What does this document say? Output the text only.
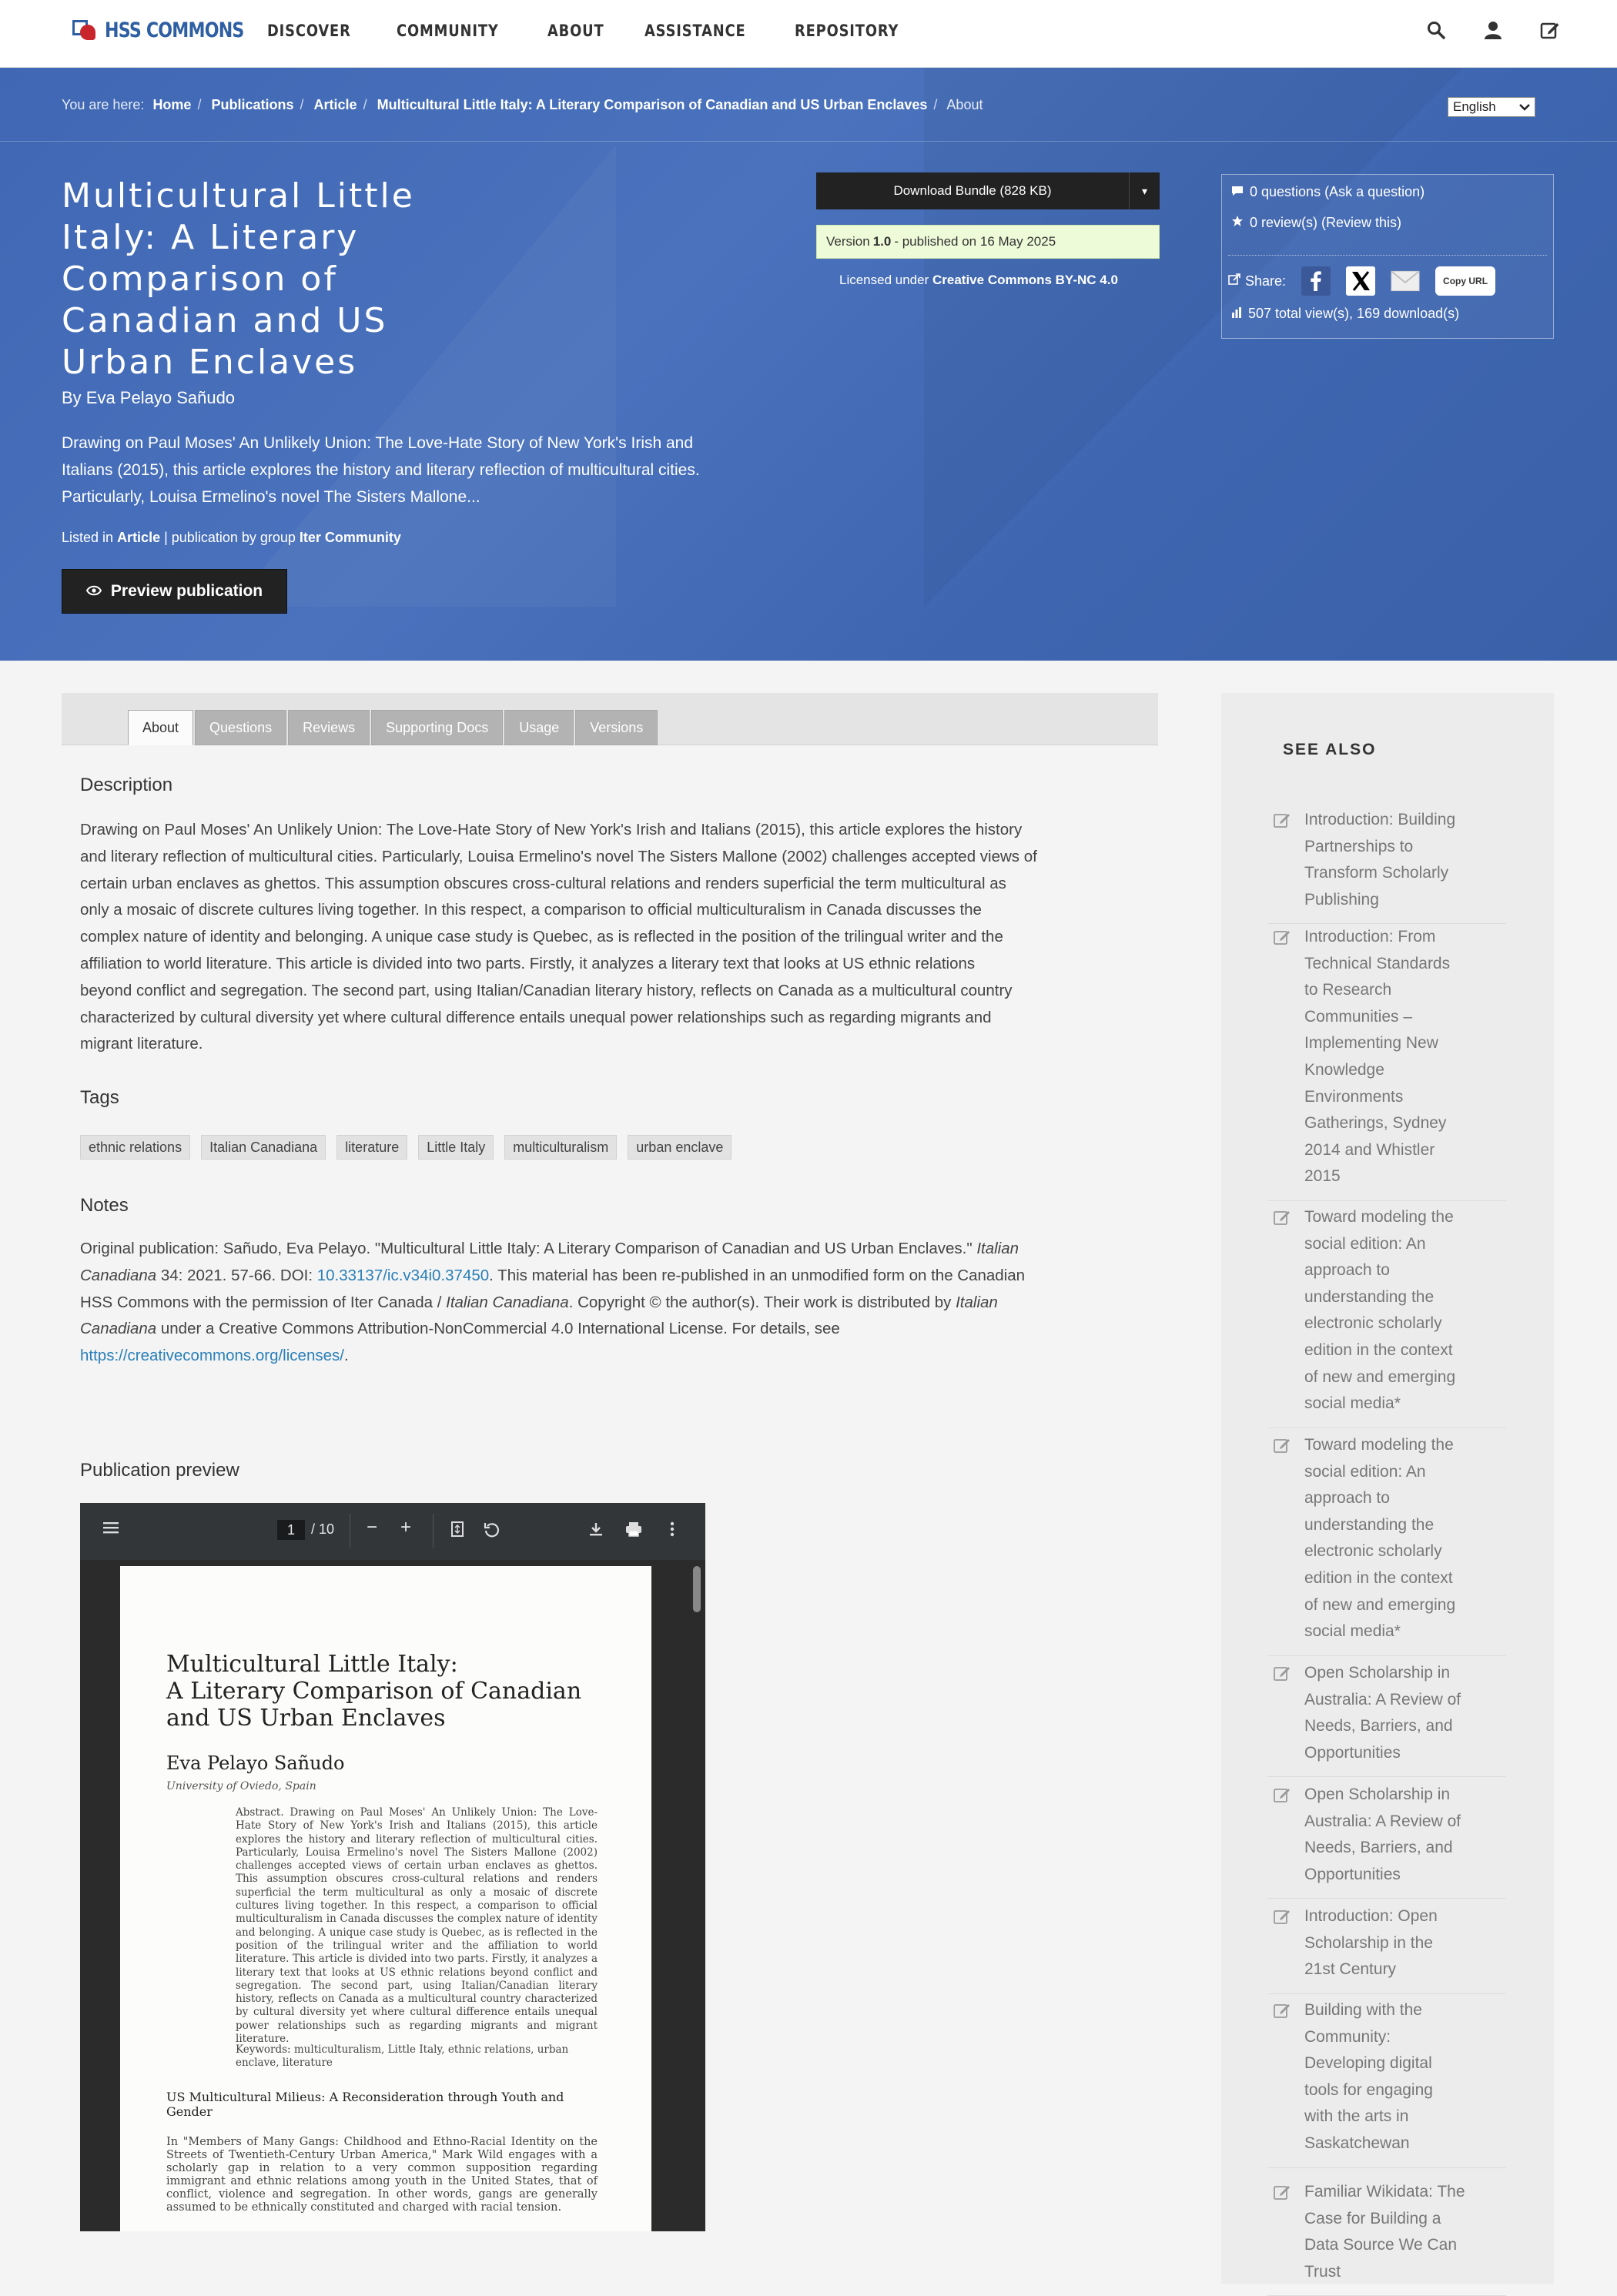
HSS COMMONS DISCOVER	COMMUNITY	ABOUT	ASSISTANCE	REPOSITORY
You are here: Home / Publications / Article / Multicultural Little Italy: A Literary Comparison of Canadian and US Urban Enclaves / About	English
Multicultural Little
Italy: A Literary
Comparison of
Canadian and US
Urban Enclaves
By Eva Pelayo Sañudo
Drawing on Paul Moses' An Unlikely Union: The Love-Hate Story of New York's Irish and
Italians (2015), this article explores the history and literary reflection of multicultural cities.
Particularly, Louisa Ermelino's novel The Sisters Mallone...
Listed in Article | publication by group Iter Community
Preview publication
Download Bundle (828 KB)	▾
Version 1.0 - published on 16 May 2025
Licensed under Creative Commons BY-NC 4.0
0 questions (Ask a question)
0 review(s) (Review this)
Share:	Copy URL
507 total view(s), 169 download(s)
About	Questions	Reviews	Supporting Docs	Usage	Versions
Description
Drawing on Paul Moses' An Unlikely Union: The Love-Hate Story of New York's Irish and Italians (2015), this article explores the history
and literary reflection of multicultural cities. Particularly, Louisa Ermelino's novel The Sisters Mallone (2002) challenges accepted views of
certain urban enclaves as ghettos. This assumption obscures cross-cultural relations and renders superficial the term multicultural as
only a mosaic of discrete cultures living together. In this respect, a comparison to official multiculturalism in Canada discusses the
complex nature of identity and belonging. A unique case study is Quebec, as is reflected in the position of the trilingual writer and the
affiliation to world literature. This article is divided into two parts. Firstly, it analyzes a literary text that looks at US ethnic relations
beyond conflict and segregation. The second part, using Italian/Canadian literary history, reflects on Canada as a multicultural country
characterized by cultural diversity yet where cultural difference entails unequal power relationships such as regarding migrants and
migrant literature.
Tags
ethnic relations	Italian Canadiana	literature	Little Italy	multiculturalism	urban enclave
Notes
Original publication: Sañudo, Eva Pelayo. "Multicultural Little Italy: A Literary Comparison of Canadian and US Urban Enclaves." Italian
Canadiana 34: 2021. 57-66. DOI: 10.33137/ic.v34i0.37450. This material has been re-published in an unmodified form on the Canadian
HSS Commons with the permission of Iter Canada / Italian Canadiana. Copyright © the author(s). Their work is distributed by Italian
Canadiana under a Creative Commons Attribution-NonCommercial 4.0 International License. For details, see
https://creativecommons.org/licenses/.
Publication preview
1	/ 10 − +
Multicultural Little Italy:
A Literary Comparison of Canadian
and US Urban Enclaves
Eva Pelayo Sañudo
University of Oviedo, Spain
Abstract. Drawing on Paul Moses' An Unlikely Union: The Love-Hate Story of New York's Irish and Italians (2015), this article explores the history and literary reflection of multicultural cities. Particularly, Louisa Ermelino's novel The Sisters Mallone (2002) challenges accepted views of certain urban enclaves as ghettos. This assumption obscures cross-cultural relations and renders superficial the term multicultural as only a mosaic of discrete cultures living together. In this respect, a comparison to official multiculturalism in Canada discusses the complex nature of identity and belonging. A unique case study is Quebec, as is reflected in the position of the trilingual writer and the affiliation to world literature. This article is divided into two parts. Firstly, it analyzes a literary text that looks at US ethnic relations beyond conflict and segregation. The second part, using Italian/Canadian literary history, reflects on Canada as a multicultural country characterized by cultural diversity yet where cultural difference entails unequal power relationships such as regarding migrants and migrant literature.
Keywords: multiculturalism, Little Italy, ethnic relations, urban enclave, literature
US Multicultural Milieus: A Reconsideration through Youth and Gender
In "Members of Many Gangs: Childhood and Ethno-Racial Identity on the Streets of Twentieth-Century Urban America," Mark Wild engages with a scholarly gap in relation to a very common supposition regarding immigrant and ethnic relations among youth in the United States, that of conflict, violence and segregation. In other words, gangs are generally assumed to be ethnically constituted and charged with racial tension.
SEE ALSO
Introduction: Building
Partnerships to
Transform Scholarly
Publishing
Introduction: From
Technical Standards
to Research
Communities –
Implementing New
Knowledge
Environments
Gatherings, Sydney
2014 and Whistler
2015
Toward modeling the
social edition: An
approach to
understanding the
electronic scholarly
edition in the context
of new and emerging
social media*
Toward modeling the
social edition: An
approach to
understanding the
electronic scholarly
edition in the context
of new and emerging
social media*
Open Scholarship in
Australia: A Review of
Needs, Barriers, and
Opportunities
Open Scholarship in
Australia: A Review of
Needs, Barriers, and
Opportunities
Introduction: Open
Scholarship in the
21st Century
Building with the
Community:
Developing digital
tools for engaging
with the arts in
Saskatchewan
Familiar Wikidata: The
Case for Building a
Data Source We Can
Trust
